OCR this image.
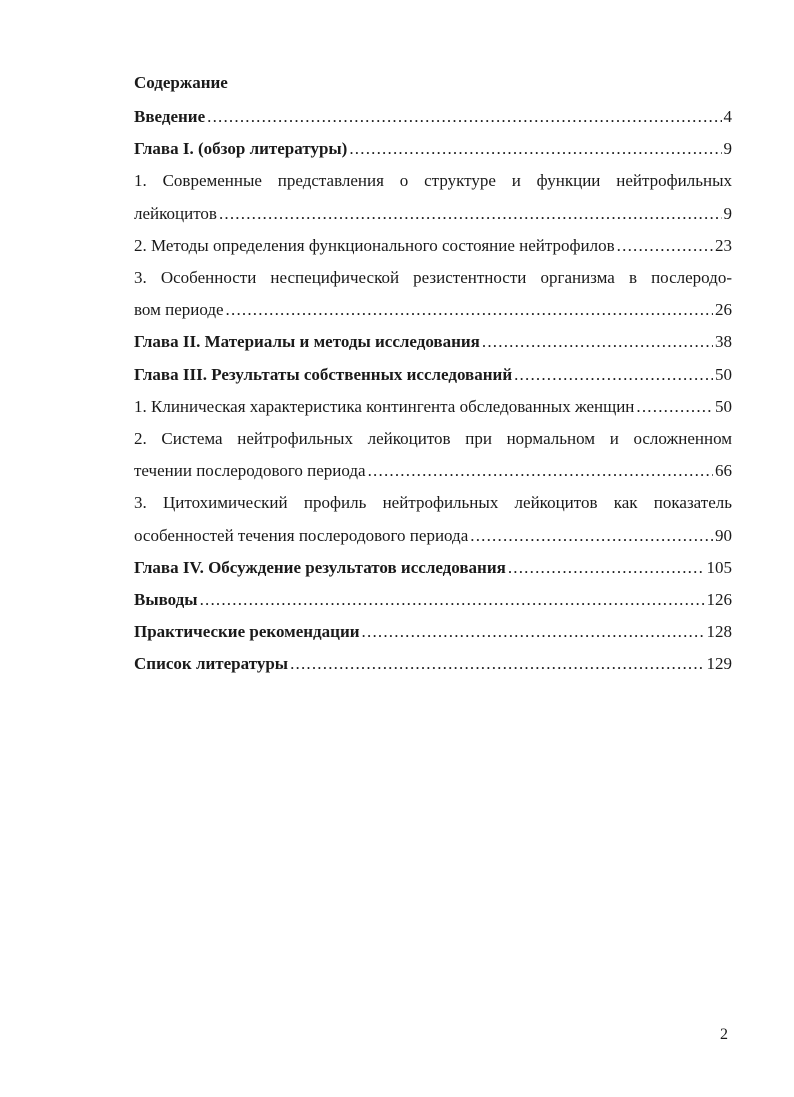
Содержание
Введение .....	4
Глава I. (обзор литературы) .....	9
1. Современные представления о структуре и функции нейтрофильных
лейкоцитов .....	9
2. Методы определения функционального состояние нейтрофилов .....	23
3. Особенности неспецифической резистентности организма в послеродо-
вом периоде .....	26
Глава II. Материалы и методы исследования .....	38
Глава III. Результаты собственных исследований .....	50
1. Клиническая характеристика контингента обследованных женщин .....	50
2. Система нейтрофильных лейкоцитов при нормальном и осложненном
течении послеродового периода .....	66
3. Цитохимический профиль нейтрофильных лейкоцитов как показатель
особенностей течения послеродового периода .....	90
Глава IV. Обсуждение результатов исследования .....	105
Выводы .....	126
Практические рекомендации .....	128
Список литературы .....	129
2
